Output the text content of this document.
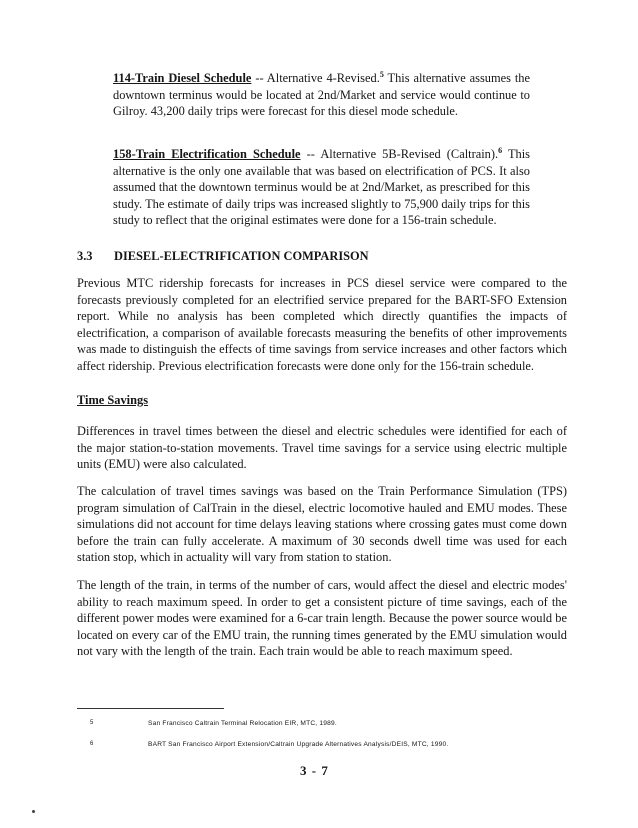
114-Train Diesel Schedule -- Alternative 4-Revised.$^5$ This alternative assumes the downtown terminus would be located at 2nd/Market and service would continue to Gilroy. 43,200 daily trips were forecast for this diesel mode schedule.
158-Train Electrification Schedule -- Alternative 5B-Revised (Caltrain).$^6$ This alternative is the only one available that was based on electrification of PCS. It also assumed that the downtown terminus would be at 2nd/Market, as prescribed for this study. The estimate of daily trips was increased slightly to 75,900 daily trips for this study to reflect that the original estimates were done for a 156-train schedule.
3.3 DIESEL-ELECTRIFICATION COMPARISON
Previous MTC ridership forecasts for increases in PCS diesel service were compared to the forecasts previously completed for an electrified service prepared for the BART-SFO Extension report. While no analysis has been completed which directly quantifies the impacts of electrification, a comparison of available forecasts measuring the benefits of other improvements was made to distinguish the effects of time savings from service increases and other factors which affect ridership. Previous electrification forecasts were done only for the 156-train schedule.
Time Savings
Differences in travel times between the diesel and electric schedules were identified for each of the major station-to-station movements. Travel time savings for a service using electric multiple units (EMU) were also calculated.
The calculation of travel times savings was based on the Train Performance Simulation (TPS) program simulation of CalTrain in the diesel, electric locomotive hauled and EMU modes. These simulations did not account for time delays leaving stations where crossing gates must come down before the train can fully accelerate. A maximum of 30 seconds dwell time was used for each station stop, which in actuality will vary from station to station.
The length of the train, in terms of the number of cars, would affect the diesel and electric modes' ability to reach maximum speed. In order to get a consistent picture of time savings, each of the different power modes were examined for a 6-car train length. Because the power source would be located on every car of the EMU train, the running times generated by the EMU simulation would not vary with the length of the train. Each train would be able to reach maximum speed.
5	San Francisco Caltrain Terminal Relocation EIR, MTC, 1989.
6	BART San Francisco Airport Extension/Caltrain Upgrade Alternatives Analysis/DEIS, MTC, 1990.
3 - 7
